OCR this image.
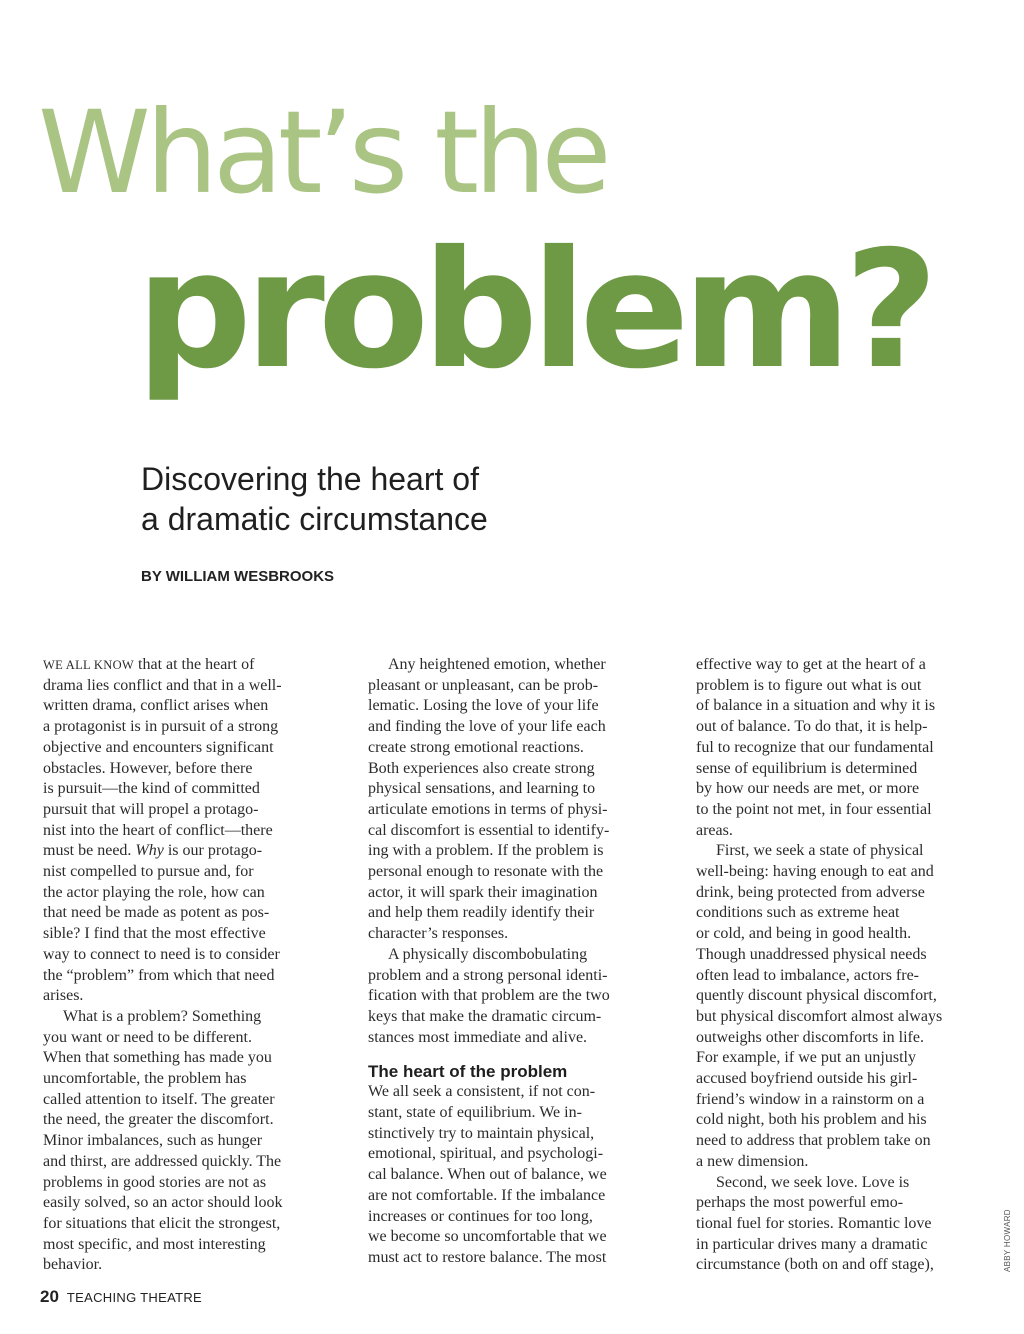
What’s the
problem?
Discovering the heart of
a dramatic circumstance
BY WILLIAM WESBROOKS

WE ALL KNOW that at the heart of
drama lies conflict and that in a well-
written drama, conflict arises when
a protagonist is in pursuit of a strong
objective and encounters significant
obstacles. However, before there
is pursuit—the kind of committed
pursuit that will propel a protago-
nist into the heart of conflict—there
must be need. Why is our protago-
nist compelled to pursue and, for
the actor playing the role, how can
that need be made as potent as pos-
sible? I find that the most effective
way to connect to need is to consider
the “problem” from which that need
arises.

What is a problem? Something
you want or need to be different.
When that something has made you
uncomfortable, the problem has
called attention to itself. The greater
the need, the greater the discomfort.
Minor imbalances, such as hunger
and thirst, are addressed quickly. The
problems in good stories are not as
easily solved, so an actor should look
for situations that elicit the strongest,
most specific, and most interesting
behavior.

Any heightened emotion, whether
pleasant or unpleasant, can be prob-
lematic. Losing the love of your life
and finding the love of your life each
create strong emotional reactions.
Both experiences also create strong
physical sensations, and learning to
articulate emotions in terms of physi-
cal discomfort is essential to identify-
ing with a problem. If the problem is
personal enough to resonate with the
actor, it will spark their imagination
and help them readily identify their
character’s responses.

A physically discombobulating
problem and a strong personal identi-
fication with that problem are the two
keys that make the dramatic circum-
stances most immediate and alive.

The heart of the problem

We all seek a consistent, if not con-
stant, state of equilibrium. We in-
stinctively try to maintain physical,
emotional, spiritual, and psychologi-
cal balance. When out of balance, we
are not comfortable. If the imbalance
increases or continues for too long,
we become so uncomfortable that we
must act to restore balance. The most

effective way to get at the heart of a
problem is to figure out what is out
of balance in a situation and why it is
out of balance. To do that, it is help-
ful to recognize that our fundamental
sense of equilibrium is determined
by how our needs are met, or more
to the point not met, in four essential
areas.

First, we seek a state of physical
well-being: having enough to eat and
drink, being protected from adverse
conditions such as extreme heat
or cold, and being in good health.
Though unaddressed physical needs
often lead to imbalance, actors fre-
quently discount physical discomfort,
but physical discomfort almost always
outweighs other discomforts in life.
For example, if we put an unjustly
accused boyfriend outside his girl-
friend’s window in a rainstorm on a
cold night, both his problem and his
need to address that problem take on
a new dimension.

Second, we seek love. Love is
perhaps the most powerful emo-
tional fuel for stories. Romantic love
in particular drives many a dramatic
circumstance (both on and off stage),	ABBY HOWARD
20 TEACHING THEATRE
